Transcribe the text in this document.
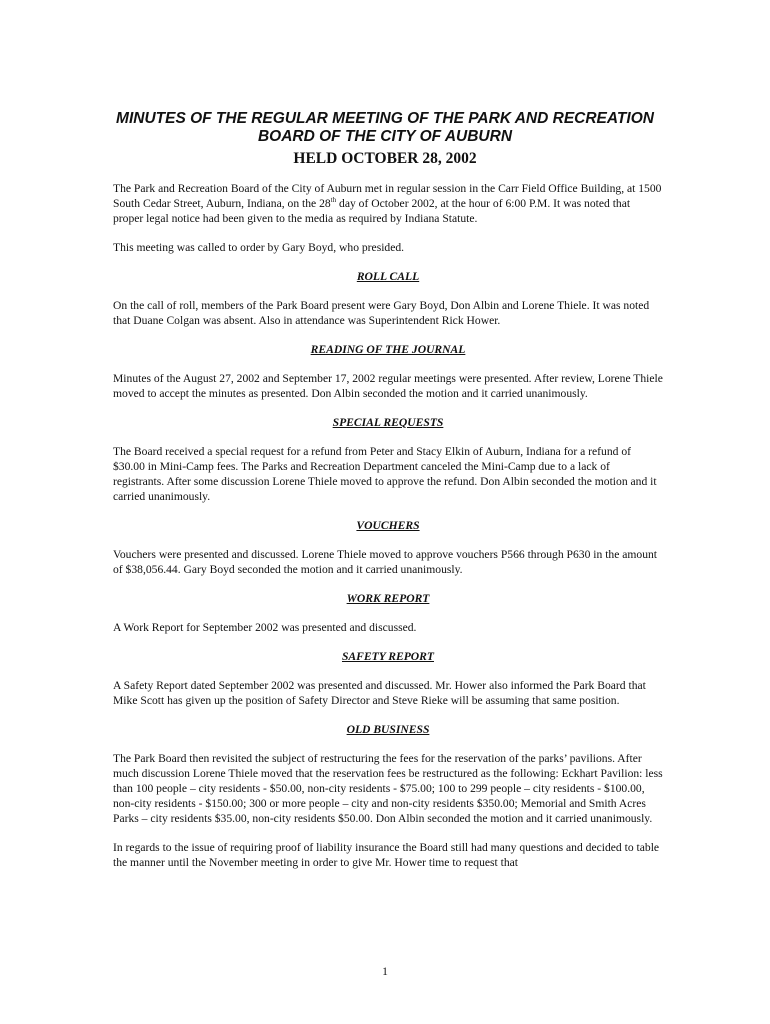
MINUTES OF THE REGULAR MEETING OF THE PARK AND RECREATION
BOARD OF THE CITY OF AUBURN
HELD OCTOBER 28, 2002

The Park and Recreation Board of the City of Auburn met in regular session in the Carr Field Office Building, at 1500 South Cedar Street, Auburn, Indiana, on the 28th day of October 2002, at the hour of 6:00 P.M. It was noted that proper legal notice had been given to the media as required by Indiana Statute.

This meeting was called to order by Gary Boyd, who presided.

ROLL CALL

On the call of roll, members of the Park Board present were Gary Boyd, Don Albin and Lorene Thiele. It was noted that Duane Colgan was absent. Also in attendance was Superintendent Rick Hower.

READING OF THE JOURNAL

Minutes of the August 27, 2002 and September 17, 2002 regular meetings were presented. After review, Lorene Thiele moved to accept the minutes as presented. Don Albin seconded the motion and it carried unanimously.

SPECIAL REQUESTS

The Board received a special request for a refund from Peter and Stacy Elkin of Auburn, Indiana for a refund of $30.00 in Mini-Camp fees. The Parks and Recreation Department canceled the Mini-Camp due to a lack of registrants. After some discussion Lorene Thiele moved to approve the refund. Don Albin seconded the motion and it carried unanimously.

VOUCHERS

Vouchers were presented and discussed. Lorene Thiele moved to approve vouchers P566 through P630 in the amount of $38,056.44. Gary Boyd seconded the motion and it carried unanimously.

WORK REPORT

A Work Report for September 2002 was presented and discussed.

SAFETY REPORT

A Safety Report dated September 2002 was presented and discussed. Mr. Hower also informed the Park Board that Mike Scott has given up the position of Safety Director and Steve Rieke will be assuming that same position.

OLD BUSINESS

The Park Board then revisited the subject of restructuring the fees for the reservation of the parks’ pavilions. After much discussion Lorene Thiele moved that the reservation fees be restructured as the following: Eckhart Pavilion: less than 100 people – city residents - $50.00, non-city residents - $75.00; 100 to 299 people – city residents - $100.00, non-city residents - $150.00; 300 or more people – city and non-city residents $350.00; Memorial and Smith Acres Parks – city residents $35.00, non-city residents $50.00. Don Albin seconded the motion and it carried unanimously.

In regards to the issue of requiring proof of liability insurance the Board still had many questions and decided to table the manner until the November meeting in order to give Mr. Hower time to request that

1
